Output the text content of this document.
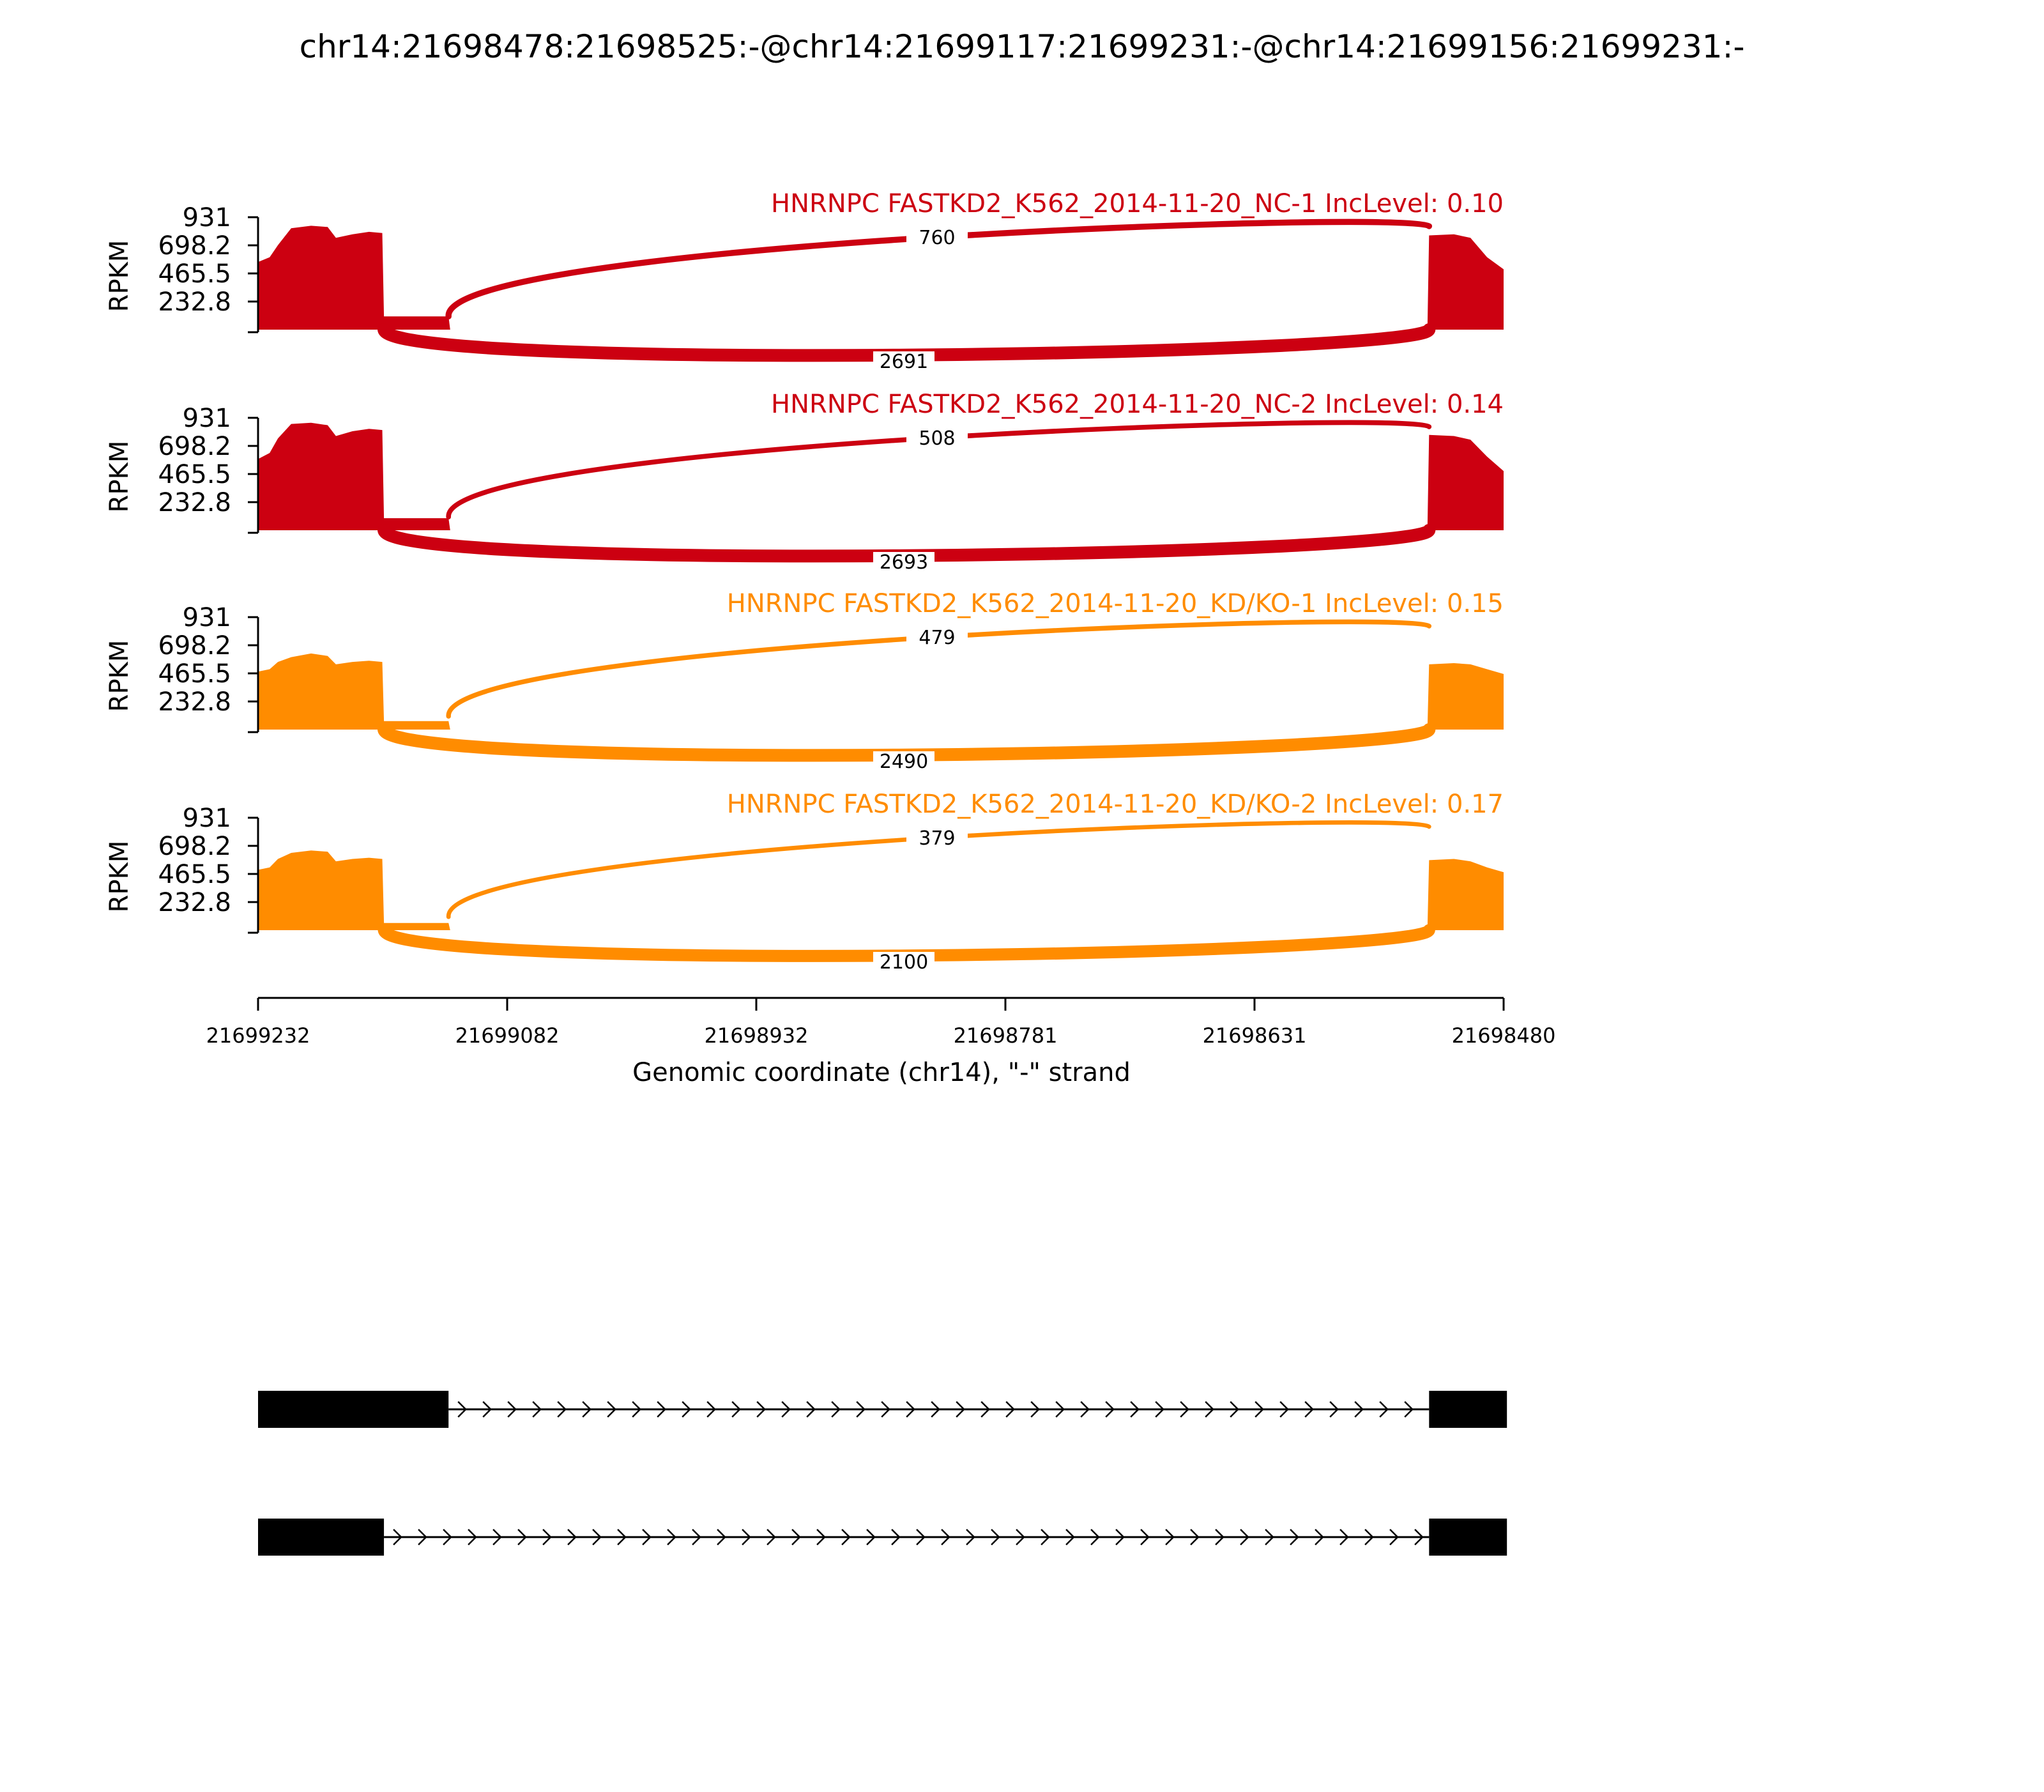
chr14:21698478:21698525:-@chr14:21699117:21699231:-@chr14:21699156:21699231:-
931
698.2
465.5
232.8
RPKM
760
2691
HNRNPC FASTKD2_K562_2014-11-20_NC-1 IncLevel: 0.10
931
698.2
465.5
232.8
RPKM
508
2693
HNRNPC FASTKD2_K562_2014-11-20_NC-2 IncLevel: 0.14
931
698.2
465.5
232.8
RPKM
479
2490
HNRNPC FASTKD2_K562_2014-11-20_KD/KO-1 IncLevel: 0.15
931
698.2
465.5
232.8
RPKM
379
2100
HNRNPC FASTKD2_K562_2014-11-20_KD/KO-2 IncLevel: 0.17
21699232	21699082	21698932	21698781	21698631	21698480
Genomic coordinate (chr14), "-" strand
